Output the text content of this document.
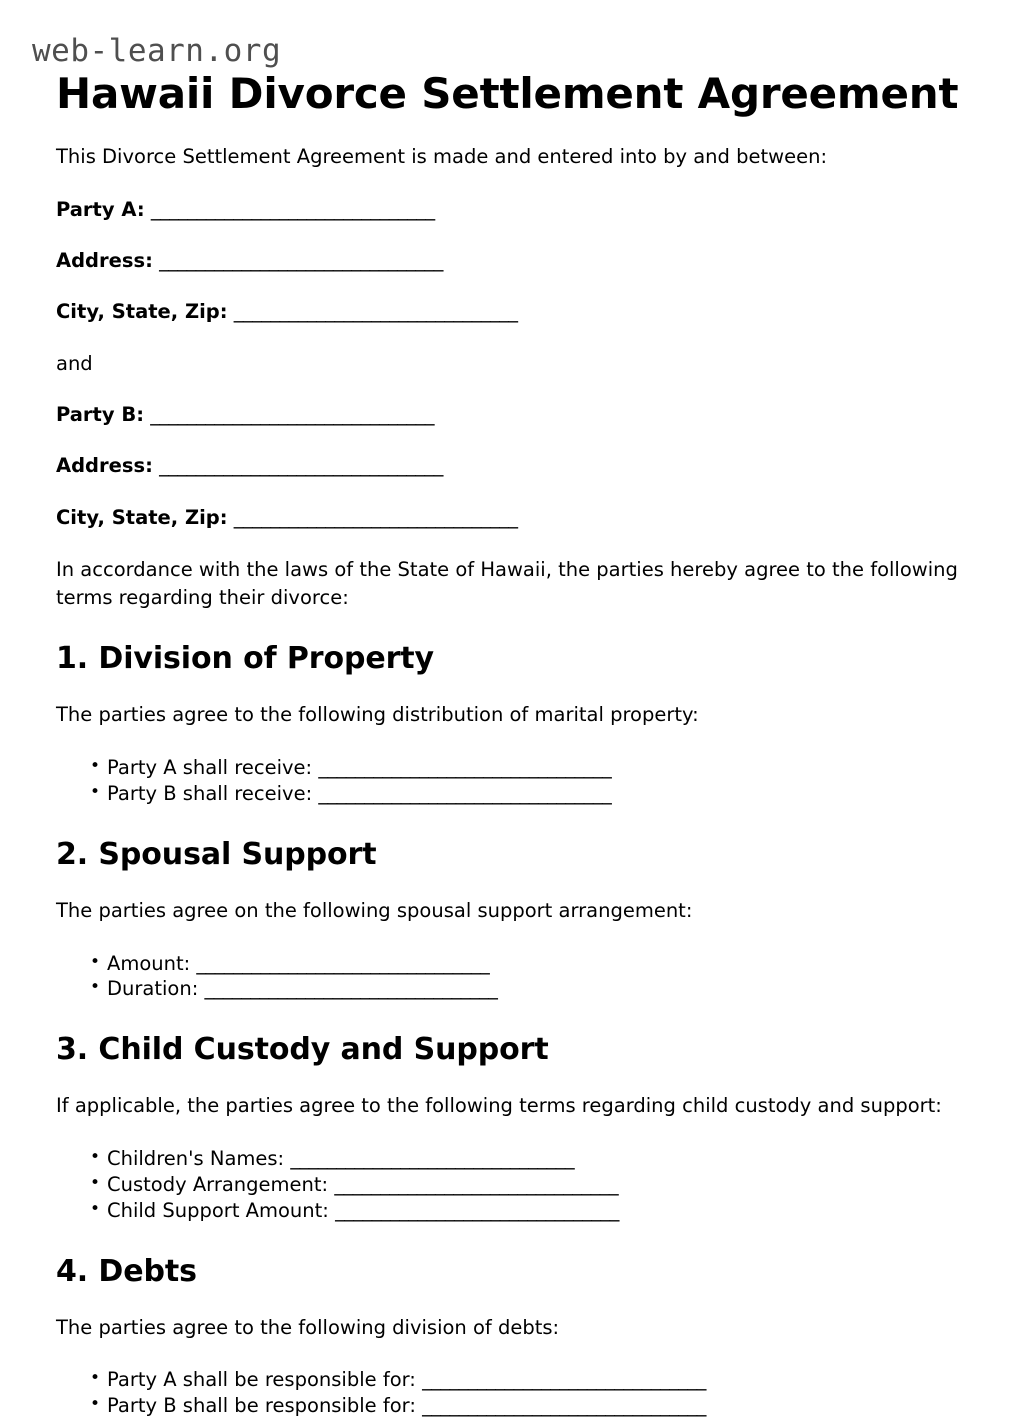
web-learn.org
Hawaii Divorce Settlement Agreement

This Divorce Settlement Agreement is made and entered into by and between:

Party A: _______________________________

Address: _______________________________

City, State, Zip: _______________________________

and

Party B: _______________________________

Address: _______________________________

City, State, Zip: _______________________________

In accordance with the laws of the State of Hawaii, the parties hereby agree to the following terms regarding their divorce:

1. Division of Property

The parties agree to the following distribution of marital property:

• Party A shall receive: ________________________________
• Party B shall receive: ________________________________
2. Spousal Support

The parties agree on the following spousal support arrangement:

• Amount: ________________________________
• Duration: ________________________________
3. Child Custody and Support

If applicable, the parties agree to the following terms regarding child custody and support:

• Children's Names: _______________________________
• Custody Arrangement: _______________________________
• Child Support Amount: _______________________________
4. Debts

The parties agree to the following division of debts:

• Party A shall be responsible for: _______________________________
• Party B shall be responsible for: _______________________________
